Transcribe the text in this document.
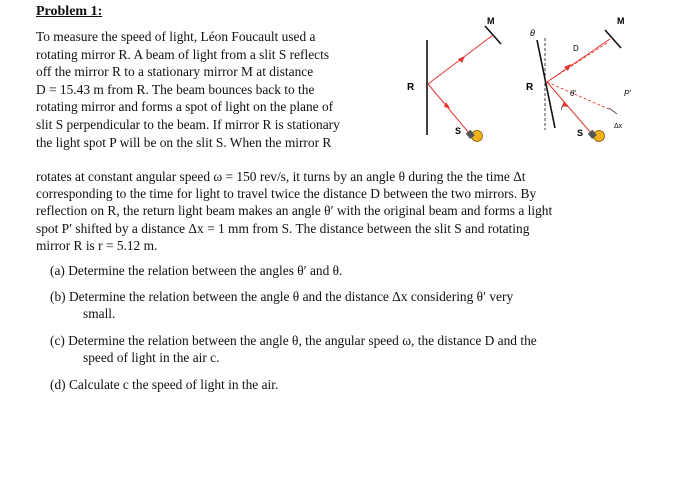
Problem 1:
To measure the speed of light, Léon Foucault used a
rotating mirror R. A beam of light from a slit S reflects
off the mirror R to a stationary mirror M at distance
D = 15.43 m from R. The beam bounces back to the
rotating mirror and forms a spot of light on the plane of
slit S perpendicular to the beam. If mirror R is stationary
the light spot P will be on the slit S. When the mirror R
rotates at constant angular speed ω = 150 rev/s, it turns by an angle θ during the the time Δt
corresponding to the time for light to travel twice the distance D between the two mirrors. By
reflection on R, the return light beam makes an angle θ′ with the original beam and forms a light
spot P′ shifted by a distance Δx = 1 mm from S. The distance between the slit S and rotating
mirror R is r = 5.12 m.
(a) Determine the relation between the angles θ′ and θ.
(b) Determine the relation between the angle θ and the distance Δx considering θ′ very
small.
(c) Determine the relation between the angle θ, the angular speed ω, the distance D and the
speed of light in the air c.
(d) Calculate c the speed of light in the air.
R
M
S
R
θ
M
D
θ'
r
P'
Δx
S
